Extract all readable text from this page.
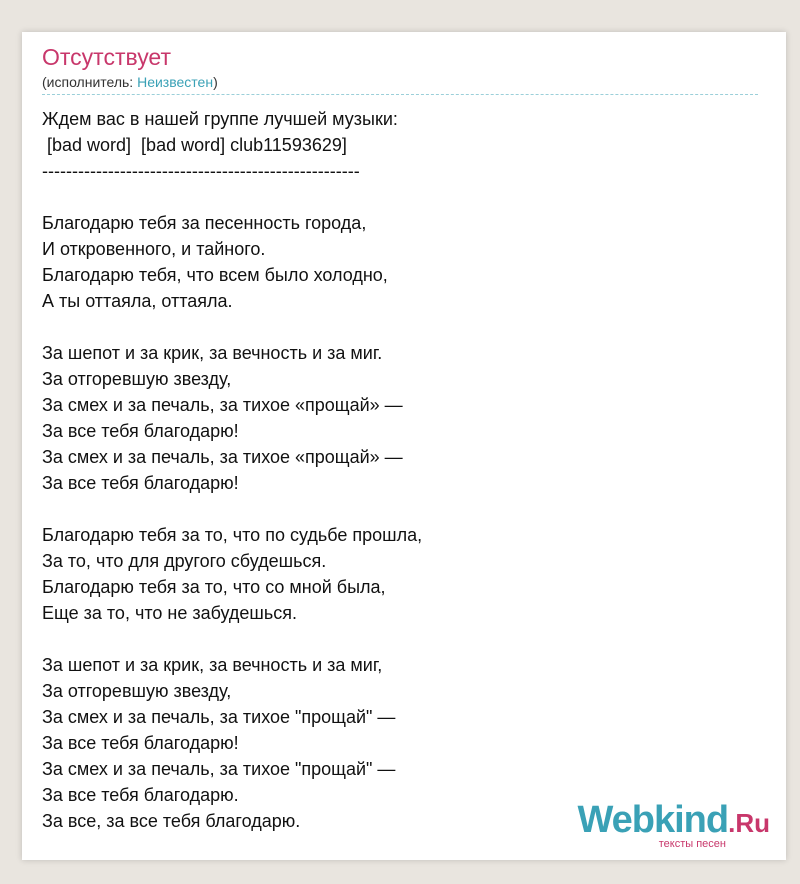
Отсутствует
(исполнитель: Неизвестен)
Ждем вас в нашей группе лучшей музыки:
[bad word]  [bad word] club11593629]
-----------------------------------------------------
Благодарю тебя за песенность города,
И откровенного, и тайного.
Благодарю тебя, что всем было холодно,
А ты оттаяла, оттаяла.
За шепот и за крик, за вечность и за миг.
За отгоревшую звезду,
За смех и за печаль, за тихое «прощай» —
За все тебя благодарю!
За смех и за печаль, за тихое «прощай» —
За все тебя благодарю!
Благодарю тебя за то, что по судьбе прошла,
За то, что для другого сбудешься.
Благодарю тебя за то, что со мной была,
Еще за то, что не забудешься.
За шепот и за крик, за вечность и за миг,
За отгоревшую звезду,
За смех и за печаль, за тихое "прощай" —
За все тебя благодарю!
За смех и за печаль, за тихое "прощай" —
За все тебя благодарю.
За все, за все тебя благодарю.	Webkind.Ru
тексты песен
